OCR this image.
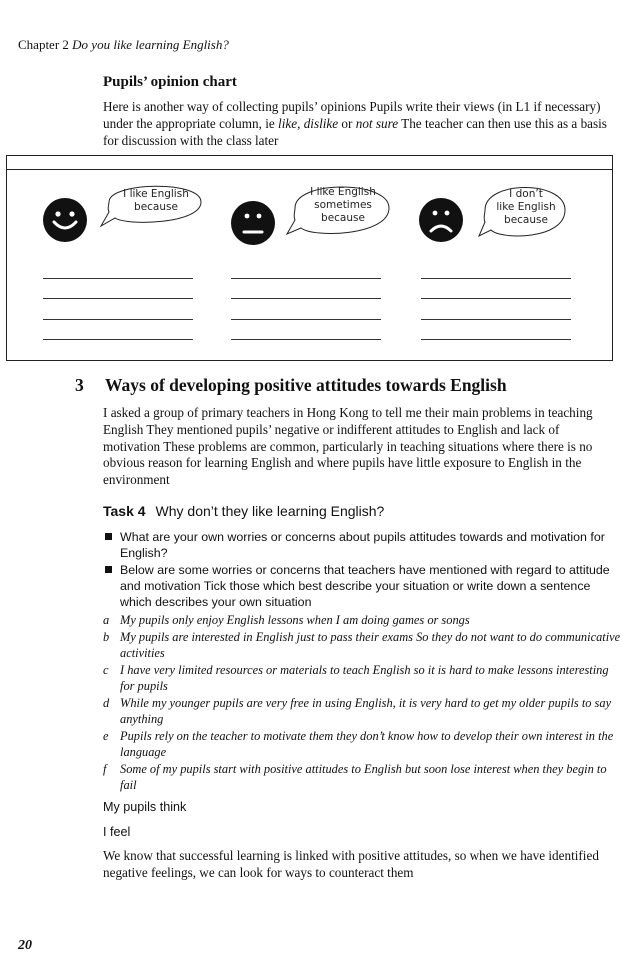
Chapter 2 Do you like learning English?
Pupils’ opinion chart
Here is another way of collecting pupils’ opinions Pupils write their views (in L1 if necessary) under the appropriate column, ie like, dislike or not sure The teacher can then use this as a basis for discussion with the class later
I like English
because
I like English
sometimes
because
I don’t
like English
because
3 Ways of developing positive attitudes towards English
I asked a group of primary teachers in Hong Kong to tell me their main problems in teaching English They mentioned pupils’ negative or indifferent attitudes to English and lack of motivation These problems are common, particularly in teaching situations where there is no obvious reason for learning English and where pupils have little exposure to English in the environment
Task 4 Why don’t they like learning English?
What are your own worries or concerns about pupils attitudes towards and motivation for English?
Below are some worries or concerns that teachers have mentioned with regard to attitude and motivation Tick those which best describe your situation or write down a sentence which describes your own situation
a My pupils only enjoy English lessons when I am doing games or songs
b My pupils are interested in English just to pass their exams So they do not want to do communicative activities
c I have very limited resources or materials to teach English so it is hard to make lessons interesting for pupils
d While my younger pupils are very free in using English, it is very hard to get my older pupils to say anything
e Pupils rely on the teacher to motivate them they don’t know how to develop their own interest in the language
f Some of my pupils start with positive attitudes to English but soon lose interest when they begin to fail
My pupils think
I feel
We know that successful learning is linked with positive attitudes, so when we have identified negative feelings, we can look for ways to counteract them
20
